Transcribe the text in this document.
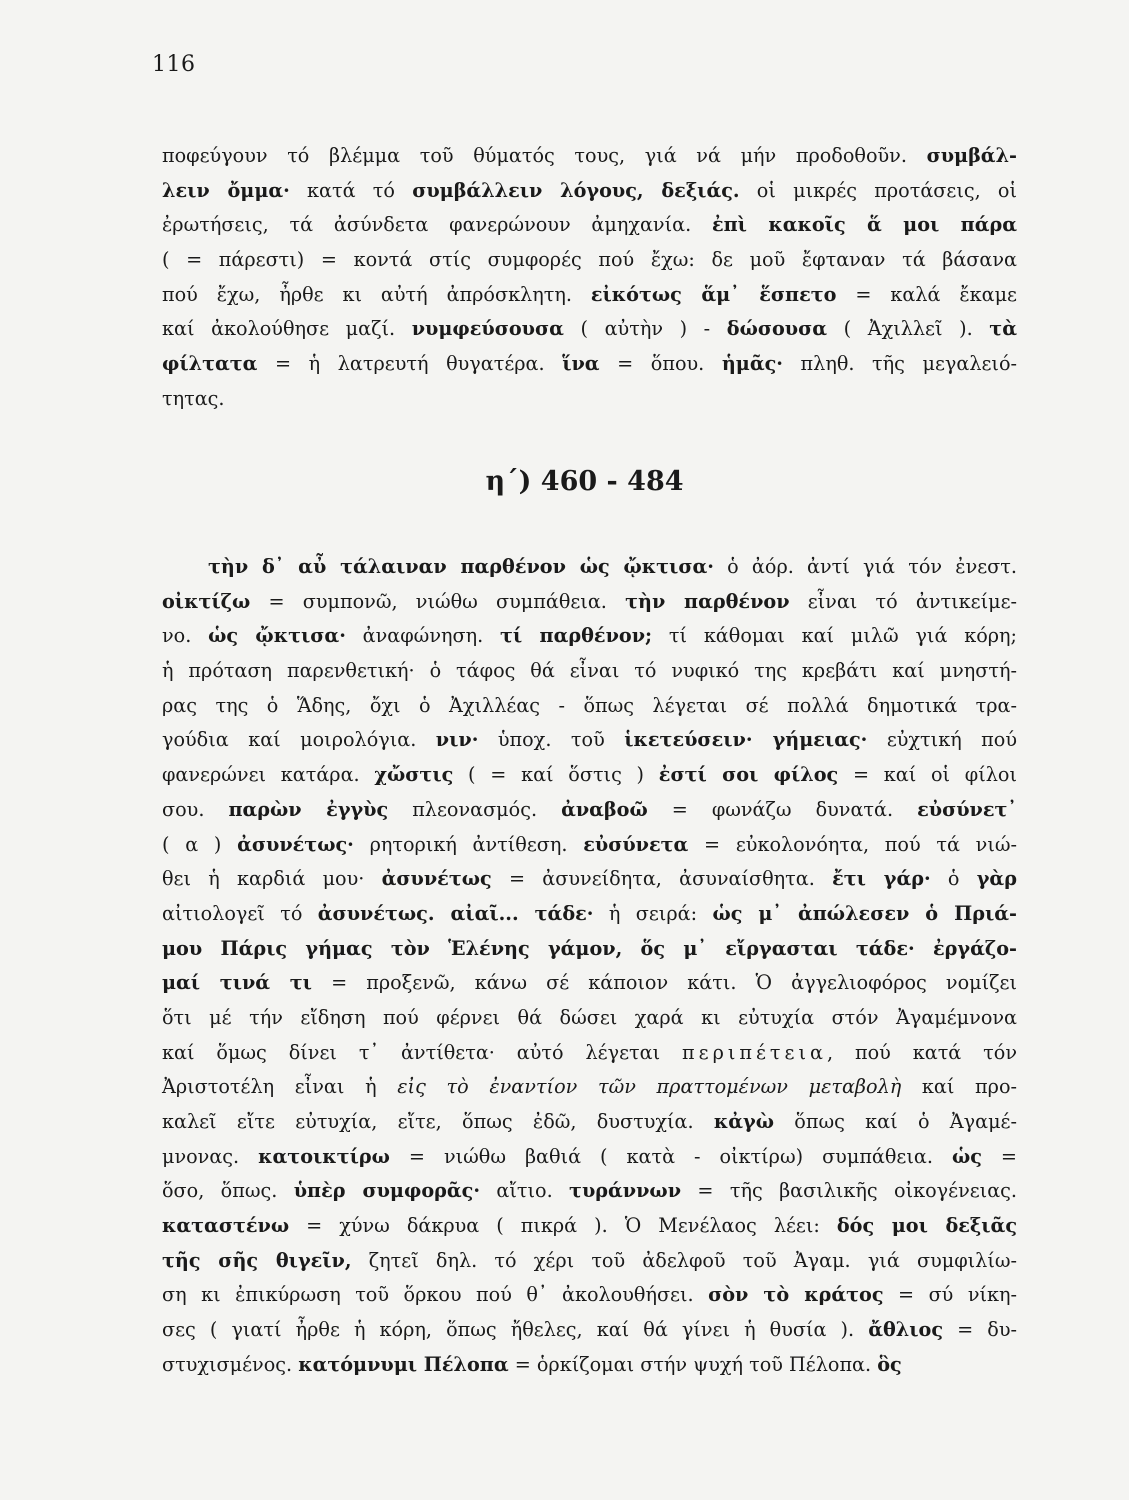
116
ποφεύγουν τό βλέμμα τοῦ θύματός τους, γιά νά μήν προδοθοῦν. συμβάλ-
λειν ὄμμα· κατά τό συμβάλλειν λόγους, δεξιάς. οἱ μικρές προτάσεις, οἱ
ἐρωτήσεις, τά ἀσύνδετα φανερώνουν ἀμηχανία. ἐπὶ κακοῖς ἅ μοι πάρα
( = πάρεστι) = κοντά στίς συμφορές πού ἔχω: δε μοῦ ἔφταναν τά βάσανα
πού ἔχω, ἦρθε κι αὐτή ἀπρόσκλητη. εἰκότως ἅμ᾽ ἕσπετο = καλά ἔκαμε
καί ἀκολούθησε μαζί. νυμφεύσουσα ( αὐτὴν ) - δώσουσα ( Ἀχιλλεῖ ). τὰ
φίλτατα = ἡ λατρευτή θυγατέρα. ἵνα = ὅπου. ἡμᾶς· πληθ. τῆς μεγαλειό-
τητας.
η΄) 460 - 484
τὴν δ᾽ αὖ τάλαιναν παρθένον ὡς ᾤκτισα· ὁ ἀόρ. ἀντί γιά τόν ἐνεστ.
οἰκτίζω = συμπονῶ, νιώθω συμπάθεια. τὴν παρθένον εἶναι τό ἀντικείμε-
νο. ὡς ᾤκτισα· ἀναφώνηση. τί παρθένον; τί κάθομαι καί μιλῶ γιά κόρη;
ἡ πρόταση παρενθετική· ὁ τάφος θά εἶναι τό νυφικό της κρεβάτι καί μνηστή-
ρας της ὁ Ἅδης, ὄχι ὁ Ἀχιλλέας - ὅπως λέγεται σέ πολλά δημοτικά τρα-
γούδια καί μοιρολόγια. νιν· ὑποχ. τοῦ ἱκετεύσειν· γήμειας· εὐχτική πού
φανερώνει κατάρα. χὤστις ( = καί ὅστις ) ἐστί σοι φίλος = καί οἱ φίλοι
σου. παρὼν ἐγγὺς πλεονασμός. ἀναβοῶ = φωνάζω δυνατά. εὐσύνετ᾽
( α ) ἀσυνέτως· ρητορική ἀντίθεση. εὐσύνετα = εὐκολονόητα, πού τά νιώ-
θει ἡ καρδιά μου· ἀσυνέτως = ἀσυνείδητα, ἀσυναίσθητα. ἔτι γάρ· ὁ γὰρ
αἰτιολογεῖ τό ἀσυνέτως. αἰαῖ... τάδε· ἡ σειρά: ὡς μ᾽ ἀπώλεσεν ὁ Πριά-
μου Πάρις γήμας τὸν Ἑλένης γάμον, ὅς μ᾽ εἴργασται τάδε· ἐργάζο-
μαί τινά τι = προξενῶ, κάνω σέ κάποιον κάτι. Ὁ ἀγγελιοφόρος νομίζει
ὅτι μέ τήν εἴδηση πού φέρνει θά δώσει χαρά κι εὐτυχία στόν Ἀγαμέμνονα
καί ὅμως δίνει τ᾽ ἀντίθετα· αὐτό λέγεται περιπέτεια, πού κατά τόν
Ἀριστοτέλη εἶναι ἡ εἰς τὸ ἐναντίον τῶν πραττομένων μεταβολὴ καί προ-
καλεῖ εἴτε εὐτυχία, εἴτε, ὅπως ἐδῶ, δυστυχία. κἀγὼ ὅπως καί ὁ Ἀγαμέ-
μνονας. κατοικτίρω = νιώθω βαθιά ( κατὰ - οἰκτίρω) συμπάθεια. ὡς =
ὅσο, ὅπως. ὑπὲρ συμφορᾶς· αἴτιο. τυράννων = τῆς βασιλικῆς οἰκογένειας.
καταστένω = χύνω δάκρυα ( πικρά ). Ὁ Μενέλαος λέει: δός μοι δεξιᾶς
τῆς σῆς θιγεῖν, ζητεῖ δηλ. τό χέρι τοῦ ἀδελφοῦ τοῦ Ἀγαμ. γιά συμφιλίω-
ση κι ἐπικύρωση τοῦ ὅρκου πού θ᾽ ἀκολουθήσει. σὸν τὸ κράτος = σύ νίκη-
σες ( γιατί ἦρθε ἡ κόρη, ὅπως ἤθελες, καί θά γίνει ἡ θυσία ). ἄθλιος = δυ-
στυχισμένος. κατόμνυμι Πέλοπα = ὁρκίζομαι στήν ψυχή τοῦ Πέλοπα. ὃς
